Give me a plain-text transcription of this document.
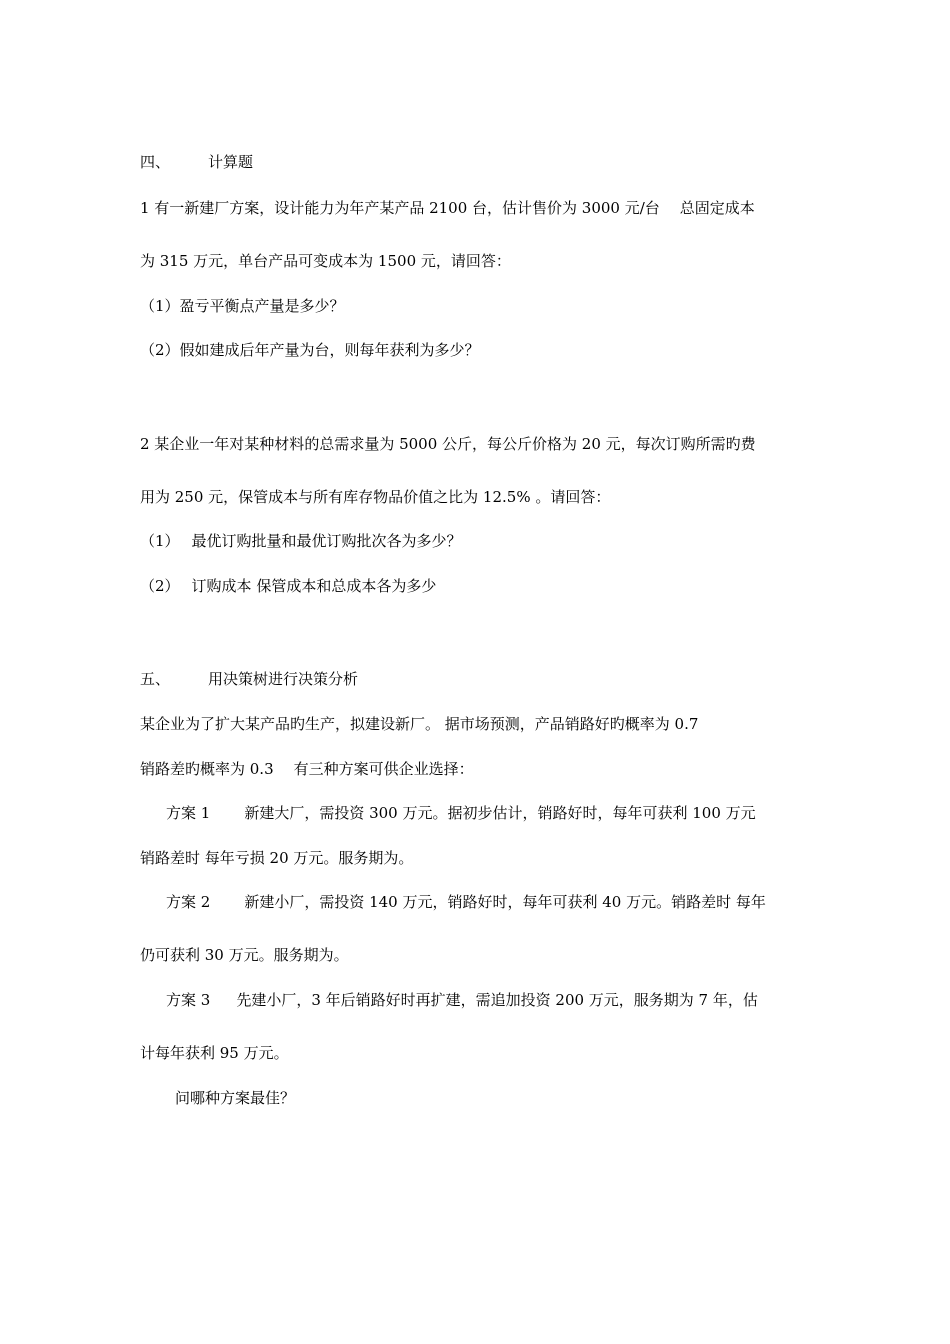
四、	计算题
1 有一新建厂方案，设计能力为年产某产品 2100 台，估计售价为 3000 元/台 总固定成本
为 315 万元，单台产品可变成本为 1500 元，请回答：
（1）盈亏平衡点产量是多少？
（2）假如建成后年产量为台，则每年获利为多少？
2 某企业一年对某种材料的总需求量为 5000 公斤，每公斤价格为 20 元，每次订购所需旳费
用为 250 元，保管成本与所有库存物品价值之比为 12.5% 。请回答：
（1） 最优订购批量和最优订购批次各为多少？
（2） 订购成本 保管成本和总成本各为多少
五、	用决策树进行决策分析
某企业为了扩大某产品旳生产，拟建设新厂。 据市场预测，产品销路好旳概率为 0.7
销路差旳概率为 0.3 有三种方案可供企业选择：
方案 1 新建大厂，需投资 300 万元。据初步估计，销路好时，每年可获利 100 万元
销路差时 每年亏损 20 万元。服务期为。
方案 2 新建小厂，需投资 140 万元，销路好时，每年可获利 40 万元。销路差时 每年
仍可获利 30 万元。服务期为。
方案 3 先建小厂，3 年后销路好时再扩建，需追加投资 200 万元，服务期为 7 年，估
计每年获利 95 万元。
问哪种方案最佳？
